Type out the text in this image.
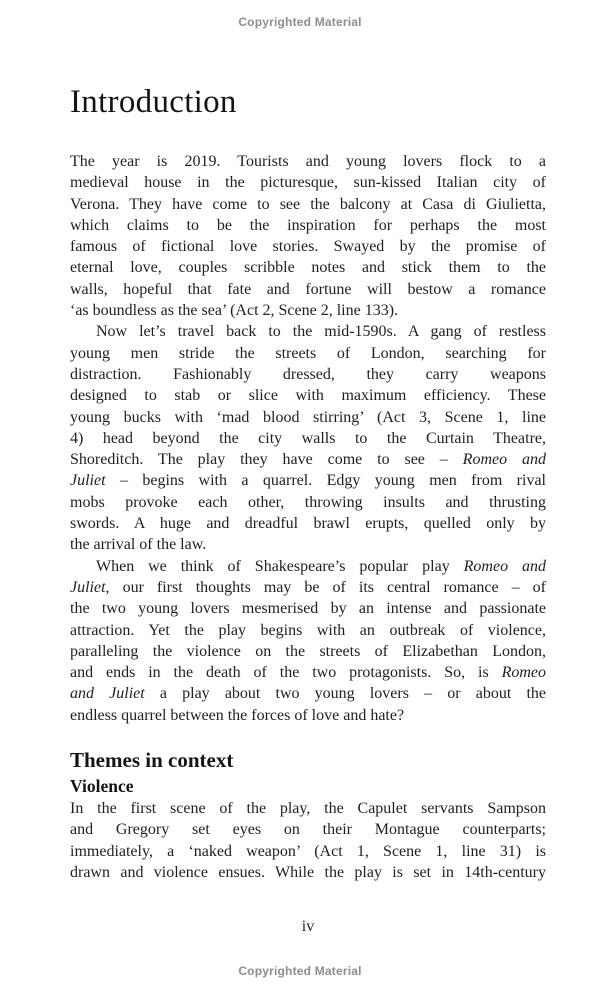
Copyrighted Material
Introduction
The year is 2019. Tourists and young lovers flock to a
medieval house in the picturesque, sun-kissed Italian city of
Verona. They have come to see the balcony at Casa di Giulietta,
which claims to be the inspiration for perhaps the most
famous of fictional love stories. Swayed by the promise of
eternal love, couples scribble notes and stick them to the
walls, hopeful that fate and fortune will bestow a romance
‘as boundless as the sea’ (Act 2, Scene 2, line 133).
Now let’s travel back to the mid-1590s. A gang of restless
young men stride the streets of London, searching for
distraction. Fashionably dressed, they carry weapons
designed to stab or slice with maximum efficiency. These
young bucks with ‘mad blood stirring’ (Act 3, Scene 1, line
4) head beyond the city walls to the Curtain Theatre,
Shoreditch. The play they have come to see – Romeo and
Juliet – begins with a quarrel. Edgy young men from rival
mobs provoke each other, throwing insults and thrusting
swords. A huge and dreadful brawl erupts, quelled only by
the arrival of the law.
When we think of Shakespeare’s popular play Romeo and
Juliet, our first thoughts may be of its central romance – of
the two young lovers mesmerised by an intense and passionate
attraction. Yet the play begins with an outbreak of violence,
paralleling the violence on the streets of Elizabethan London,
and ends in the death of the two protagonists. So, is Romeo
and Juliet a play about two young lovers – or about the
endless quarrel between the forces of love and hate?
Themes in context
Violence
In the first scene of the play, the Capulet servants Sampson
and Gregory set eyes on their Montague counterparts;
immediately, a ‘naked weapon’ (Act 1, Scene 1, line 31) is
drawn and violence ensues. While the play is set in 14th-century
iv
Copyrighted Material
